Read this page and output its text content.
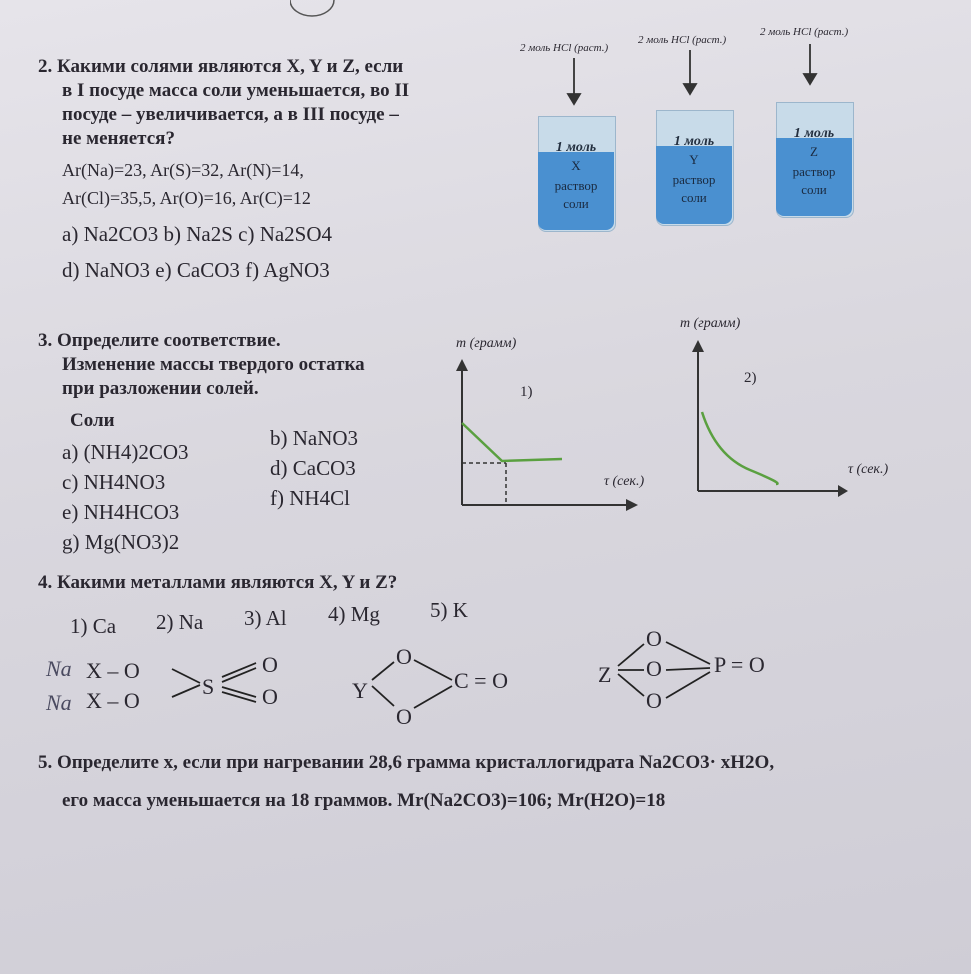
2. Какими солями являются X, Y и Z, если
в I посуде масса соли уменьшается, во II
посуде – увеличивается, а в III посуде –
не меняется?
Ar(Na)=23, Ar(S)=32, Ar(N)=14,
Ar(Cl)=35,5, Ar(O)=16, Ar(C)=12
a) Na2CO3 b) Na2S c) Na2SO4
d) NaNO3 e) CaCO3 f) AgNO3
2 моль HCl (раст.)
2 моль HCl (раст.)
2 моль HCl (раст.)
1 моль
X
раствор
соли
1 моль
Y
раствор
соли
1 моль
Z
раствор
соли
3. Определите соответствие.
Изменение массы твердого остатка
при разложении солей.
Соли
a) (NH4)2CO3
b) NaNO3
c) NH4NO3
d) CaCO3
e) NH4HCO3
f) NH4Cl
g) Mg(NO3)2
m (грамм)
τ (сек.)
1)
m (грамм)
τ (сек.)
2)
4. Какими металлами являются X, Y и Z?
1) Ca 2) Na 3) Al 4) Mg 5) K
Na
Na
X – O
X – O
S
O
O	Y
O
O
C = O	Z
O
O
O
P = O
5. Определите x, если при нагревании 28,6 грамма кристаллогидрата Na2CO3· xH2O,
его масса уменьшается на 18 граммов. Mr(Na2CO3)=106; Mr(H2O)=18
